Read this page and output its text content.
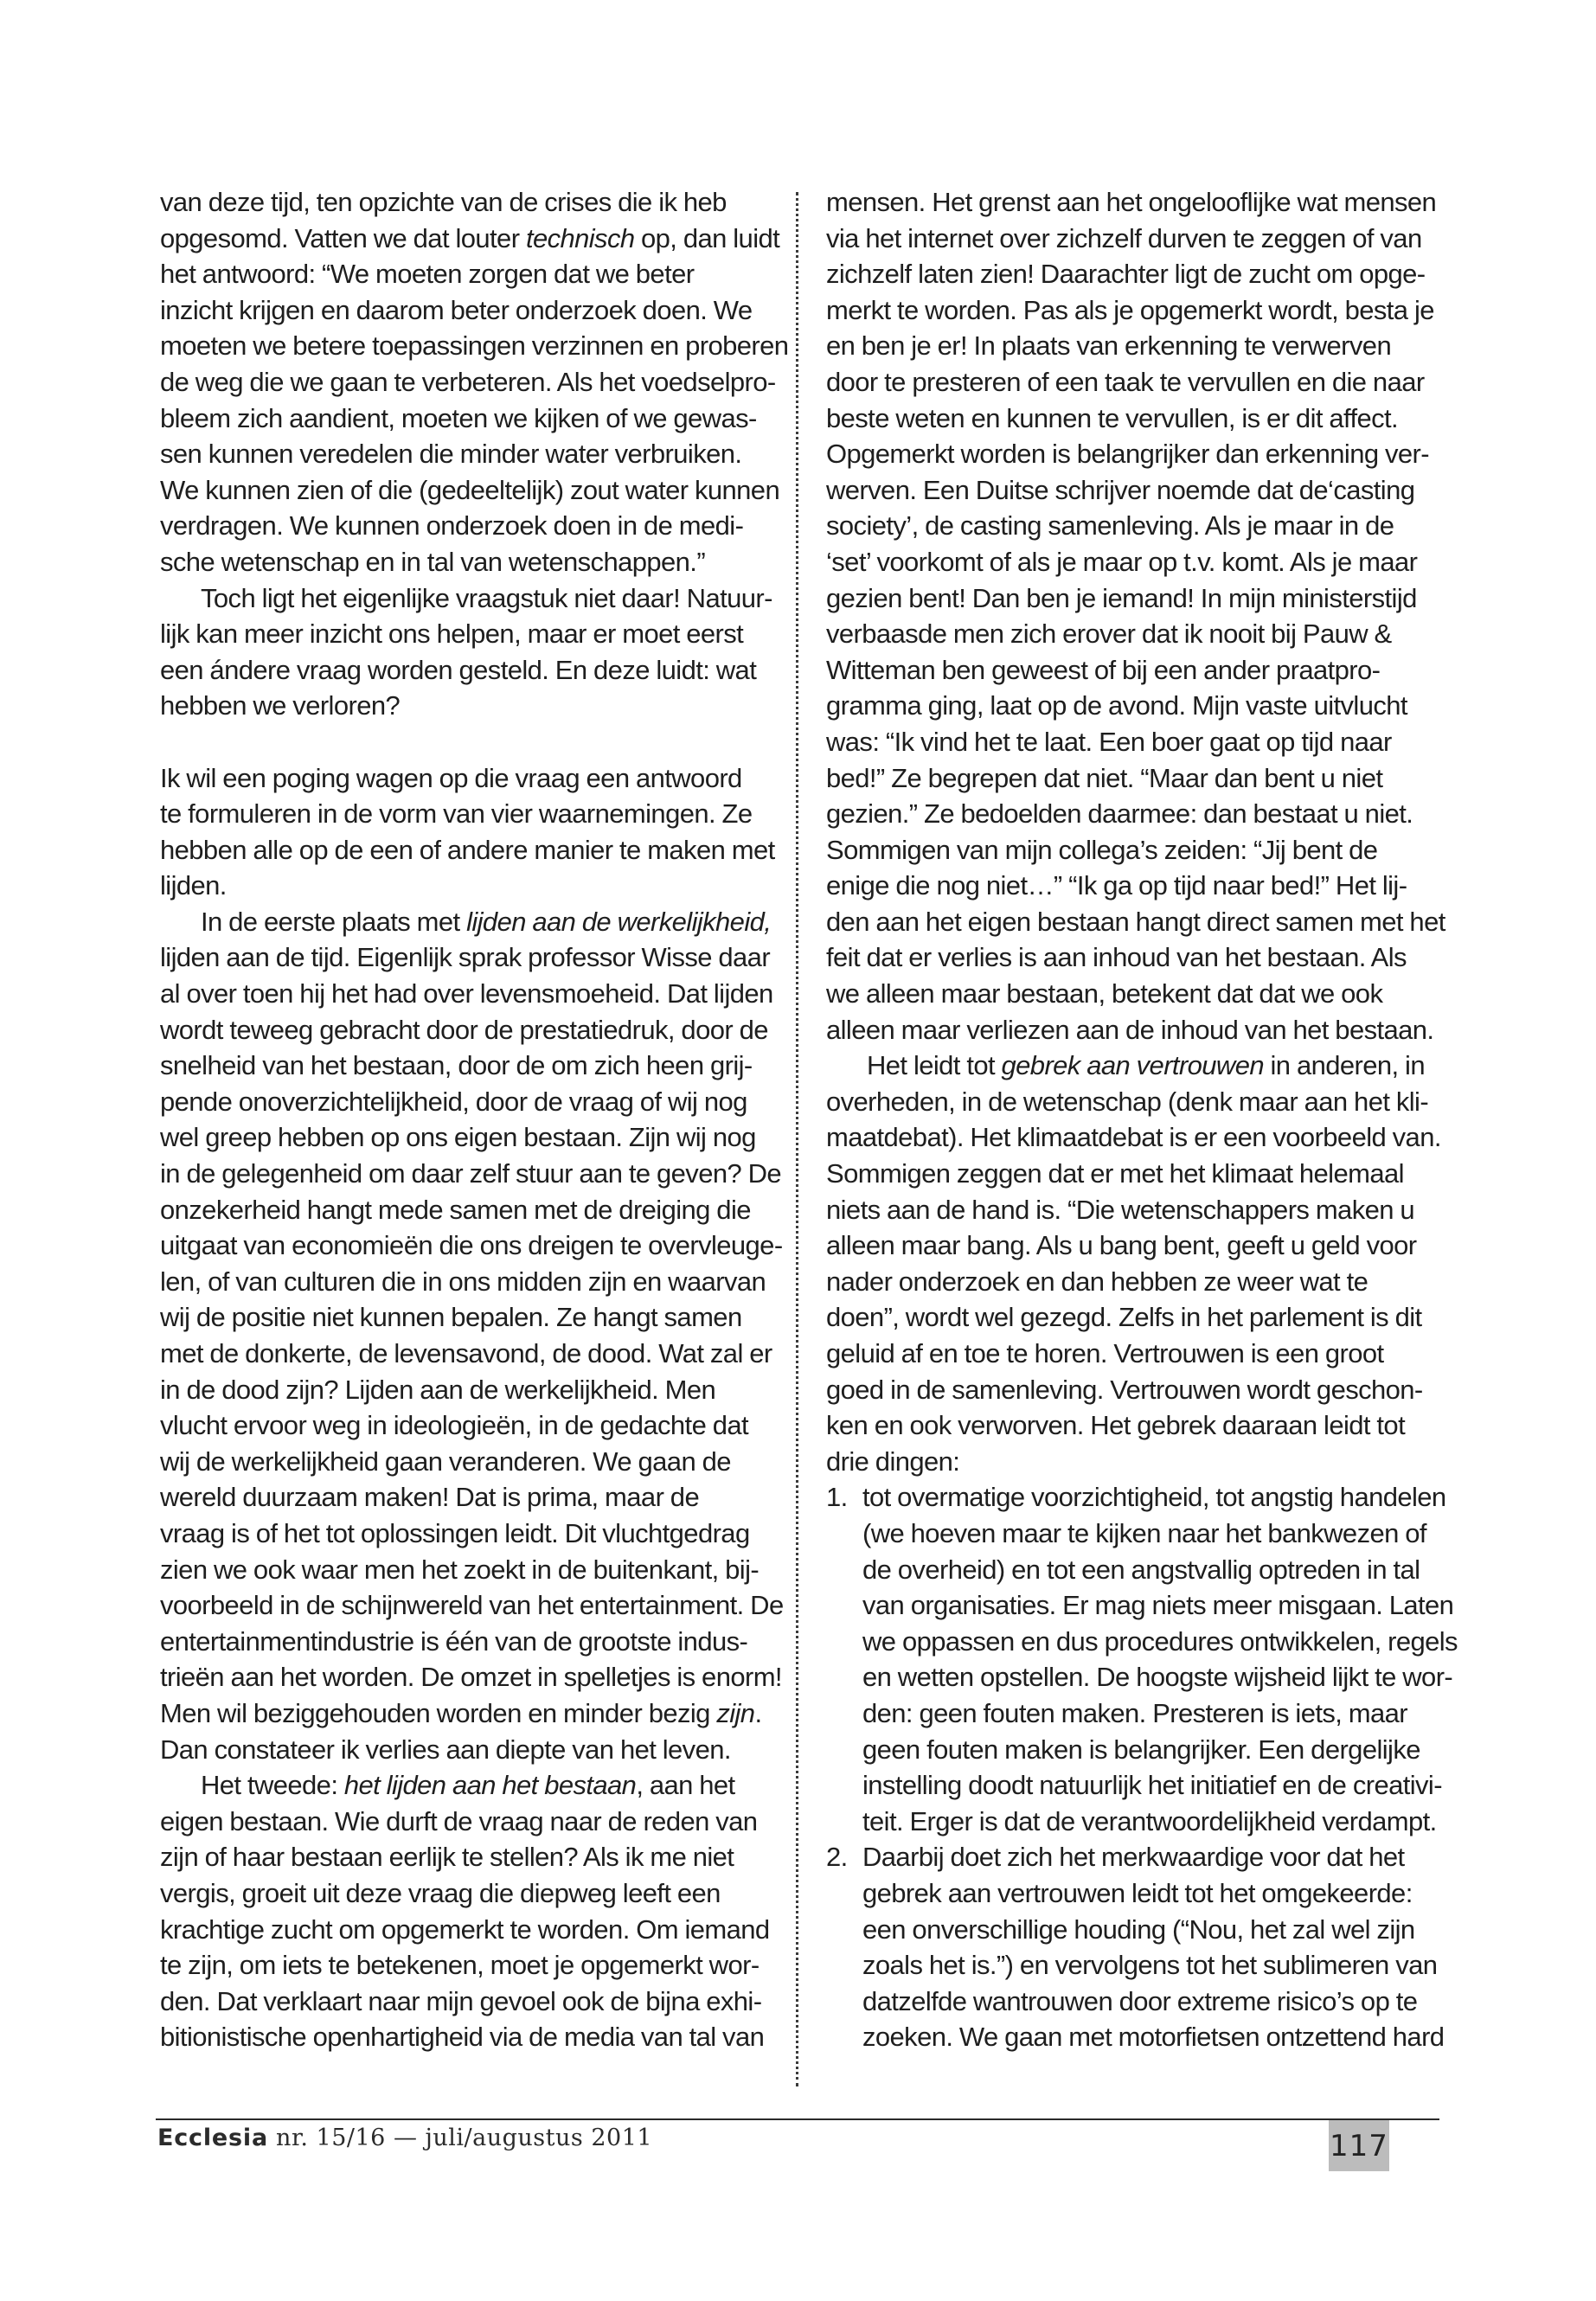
van deze tijd, ten opzichte van de crises die ik heb
opgesomd. Vatten we dat louter technisch op, dan luidt
het antwoord: “We moeten zorgen dat we beter
inzicht krijgen en daarom beter onderzoek doen. We
moeten we betere toepassingen verzinnen en proberen
de weg die we gaan te verbeteren. Als het voedselpro-
bleem zich aandient, moeten we kijken of we gewas-
sen kunnen veredelen die minder water verbruiken.
We kunnen zien of die (gedeeltelijk) zout water kunnen
verdragen. We kunnen onderzoek doen in de medi-
sche wetenschap en in tal van wetenschappen.”
Toch ligt het eigenlijke vraagstuk niet daar! Natuur-
lijk kan meer inzicht ons helpen, maar er moet eerst
een ándere vraag worden gesteld. En deze luidt: wat
hebben we verloren?
Ik wil een poging wagen op die vraag een antwoord
te formuleren in de vorm van vier waarnemingen. Ze
hebben alle op de een of andere manier te maken met
lijden.
In de eerste plaats met lijden aan de werkelijkheid,
lijden aan de tijd. Eigenlijk sprak professor Wisse daar
al over toen hij het had over levensmoeheid. Dat lijden
wordt teweeg gebracht door de prestatiedruk, door de
snelheid van het bestaan, door de om zich heen grij-
pende onoverzichtelijkheid, door de vraag of wij nog
wel greep hebben op ons eigen bestaan. Zijn wij nog
in de gelegenheid om daar zelf stuur aan te geven? De
onzekerheid hangt mede samen met de dreiging die
uitgaat van economieën die ons dreigen te overvleuge-
len, of van culturen die in ons midden zijn en waarvan
wij de positie niet kunnen bepalen. Ze hangt samen
met de donkerte, de levensavond, de dood. Wat zal er
in de dood zijn? Lijden aan de werkelijkheid. Men
vlucht ervoor weg in ideologieën, in de gedachte dat
wij de werkelijkheid gaan veranderen. We gaan de
wereld duurzaam maken! Dat is prima, maar de
vraag is of het tot oplossingen leidt. Dit vluchtgedrag
zien we ook waar men het zoekt in de buitenkant, bij-
voorbeeld in de schijnwereld van het entertainment. De
entertainmentindustrie is één van de grootste indus-
trieën aan het worden. De omzet in spelletjes is enorm!
Men wil beziggehouden worden en minder bezig zijn.
Dan constateer ik verlies aan diepte van het leven.
Het tweede: het lijden aan het bestaan, aan het
eigen bestaan. Wie durft de vraag naar de reden van
zijn of haar bestaan eerlijk te stellen? Als ik me niet
vergis, groeit uit deze vraag die diepweg leeft een
krachtige zucht om opgemerkt te worden. Om iemand
te zijn, om iets te betekenen, moet je opgemerkt wor-
den. Dat verklaart naar mijn gevoel ook de bijna exhi-
bitionistische openhartigheid via de media van tal van
mensen. Het grenst aan het ongelooflijke wat mensen
via het internet over zichzelf durven te zeggen of van
zichzelf laten zien! Daarachter ligt de zucht om opge-
merkt te worden. Pas als je opgemerkt wordt, besta je
en ben je er! In plaats van erkenning te verwerven
door te presteren of een taak te vervullen en die naar
beste weten en kunnen te vervullen, is er dit affect.
Opgemerkt worden is belangrijker dan erkenning ver-
werven. Een Duitse schrijver noemde dat de‘casting
society’, de casting samenleving. Als je maar in de
‘set’ voorkomt of als je maar op t.v. komt. Als je maar
gezien bent! Dan ben je iemand! In mijn ministerstijd
verbaasde men zich erover dat ik nooit bij Pauw &
Witteman ben geweest of bij een ander praatpro-
gramma ging, laat op de avond. Mijn vaste uitvlucht
was: “Ik vind het te laat. Een boer gaat op tijd naar
bed!” Ze begrepen dat niet. “Maar dan bent u niet
gezien.” Ze bedoelden daarmee: dan bestaat u niet.
Sommigen van mijn collega’s zeiden: “Jij bent de
enige die nog niet…” “Ik ga op tijd naar bed!” Het lij-
den aan het eigen bestaan hangt direct samen met het
feit dat er verlies is aan inhoud van het bestaan. Als
we alleen maar bestaan, betekent dat dat we ook
alleen maar verliezen aan de inhoud van het bestaan.
Het leidt tot gebrek aan vertrouwen in anderen, in
overheden, in de wetenschap (denk maar aan het kli-
maatdebat). Het klimaatdebat is er een voorbeeld van.
Sommigen zeggen dat er met het klimaat helemaal
niets aan de hand is. “Die wetenschappers maken u
alleen maar bang. Als u bang bent, geeft u geld voor
nader onderzoek en dan hebben ze weer wat te
doen”, wordt wel gezegd. Zelfs in het parlement is dit
geluid af en toe te horen. Vertrouwen is een groot
goed in de samenleving. Vertrouwen wordt geschon-
ken en ook verworven. Het gebrek daaraan leidt tot
drie dingen:
1. tot overmatige voorzichtigheid, tot angstig handelen
(we hoeven maar te kijken naar het bankwezen of
de overheid) en tot een angstvallig optreden in tal
van organisaties. Er mag niets meer misgaan. Laten
we oppassen en dus procedures ontwikkelen, regels
en wetten opstellen. De hoogste wijsheid lijkt te wor-
den: geen fouten maken. Presteren is iets, maar
geen fouten maken is belangrijker. Een dergelijke
instelling doodt natuurlijk het initiatief en de creativi-
teit. Erger is dat de verantwoordelijkheid verdampt.
2. Daarbij doet zich het merkwaardige voor dat het
gebrek aan vertrouwen leidt tot het omgekeerde:
een onverschillige houding (“Nou, het zal wel zijn
zoals het is.”) en vervolgens tot het sublimeren van
datzelfde wantrouwen door extreme risico’s op te
zoeken. We gaan met motorfietsen ontzettend hard
Ecclesia nr. 15/16 — juli/augustus 2011	117
